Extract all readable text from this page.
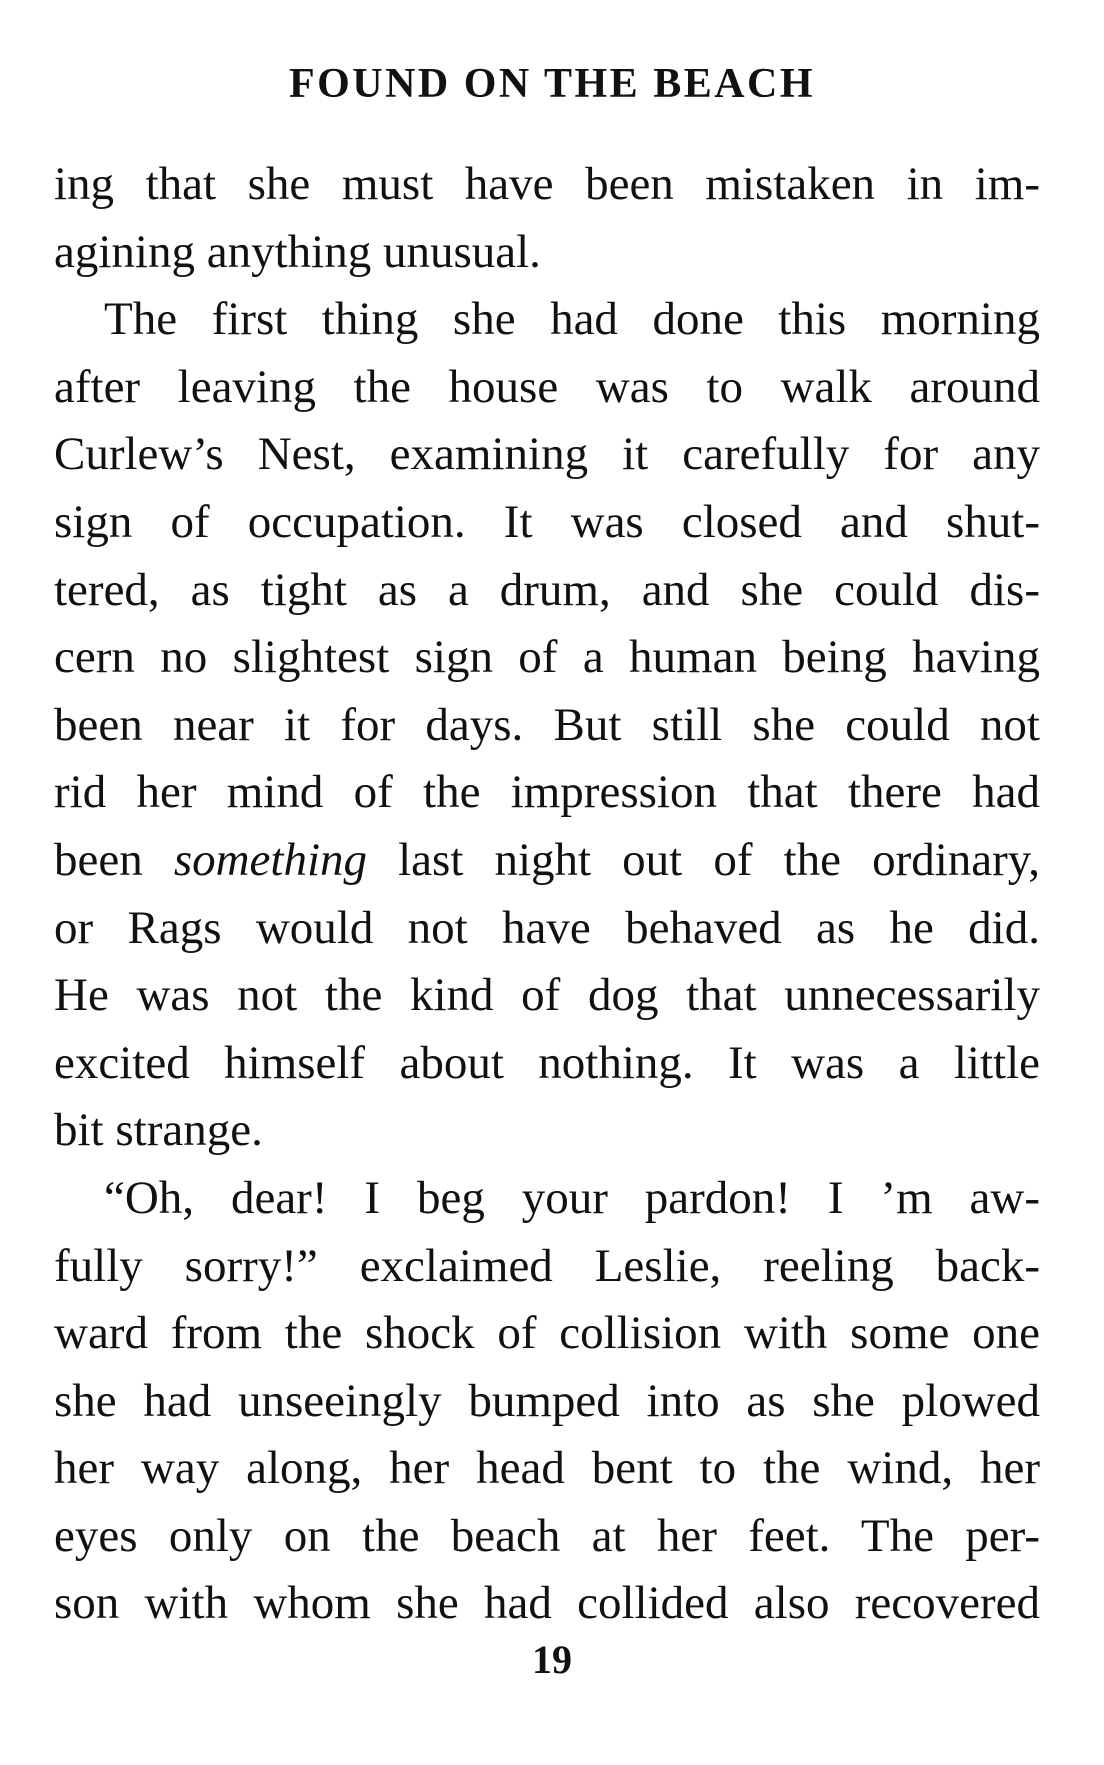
FOUND ON THE BEACH
ing that she must have been mistaken in im-
agining anything unusual.
The first thing she had done this morning
after leaving the house was to walk around
Curlew’s Nest, examining it carefully for any
sign of occupation. It was closed and shut-
tered, as tight as a drum, and she could dis-
cern no slightest sign of a human being having
been near it for days. But still she could not
rid her mind of the impression that there had
been something last night out of the ordinary,
or Rags would not have behaved as he did.
He was not the kind of dog that unnecessarily
excited himself about nothing. It was a little
bit strange.
“Oh, dear! I beg your pardon! I ’m aw-
fully sorry!” exclaimed Leslie, reeling back-
ward from the shock of collision with some one
she had unseeingly bumped into as she plowed
her way along, her head bent to the wind, her
eyes only on the beach at her feet. The per-
son with whom she had collided also recovered
19
